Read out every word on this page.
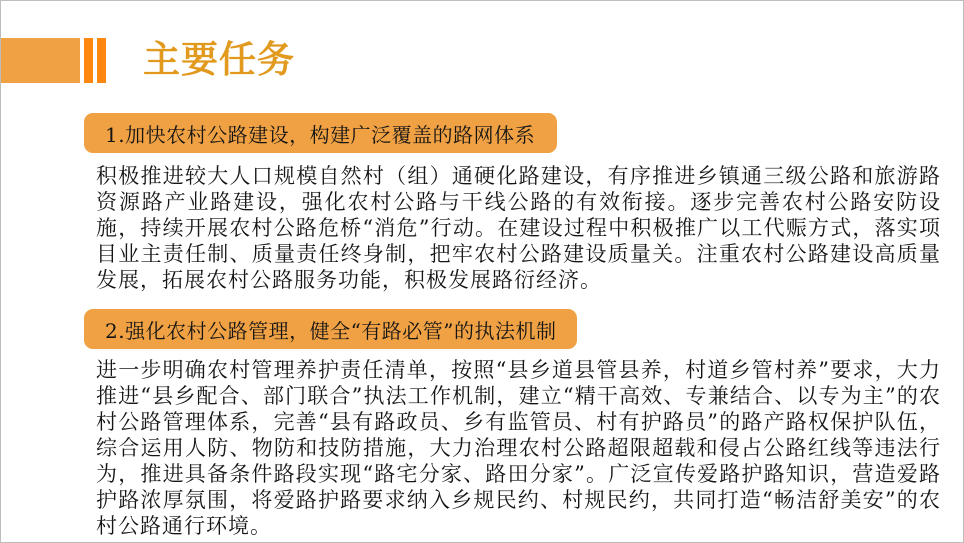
主要任务
1.加快农村公路建设，构建广泛覆盖的路网体系

积极推进较大人口规模自然村（组）通硬化路建设，有序推进乡镇通三级公路和旅游路资源路产业路建设，强化农村公路与干线公路的有效衔接。逐步完善农村公路安防设施，持续开展农村公路危桥“消危”行动。在建设过程中积极推广以工代赈方式，落实项目业主责任制、质量责任终身制，把牢农村公路建设质量关。注重农村公路建设高质量发展，拓展农村公路服务功能，积极发展路衍经济。

2.强化农村公路管理，健全“有路必管”的执法机制

进一步明确农村管理养护责任清单，按照“县乡道县管县养，村道乡管村养”要求，大力推进“县乡配合、部门联合”执法工作机制，建立“精干高效、专兼结合、以专为主”的农村公路管理体系，完善“县有路政员、乡有监管员、村有护路员”的路产路权保护队伍，综合运用人防、物防和技防措施，大力治理农村公路超限超载和侵占公路红线等违法行为，推进具备条件路段实现“路宅分家、路田分家”。广泛宣传爱路护路知识，营造爱路护路浓厚氛围，将爱路护路要求纳入乡规民约、村规民约，共同打造“畅洁舒美安”的农村公路通行环境。
